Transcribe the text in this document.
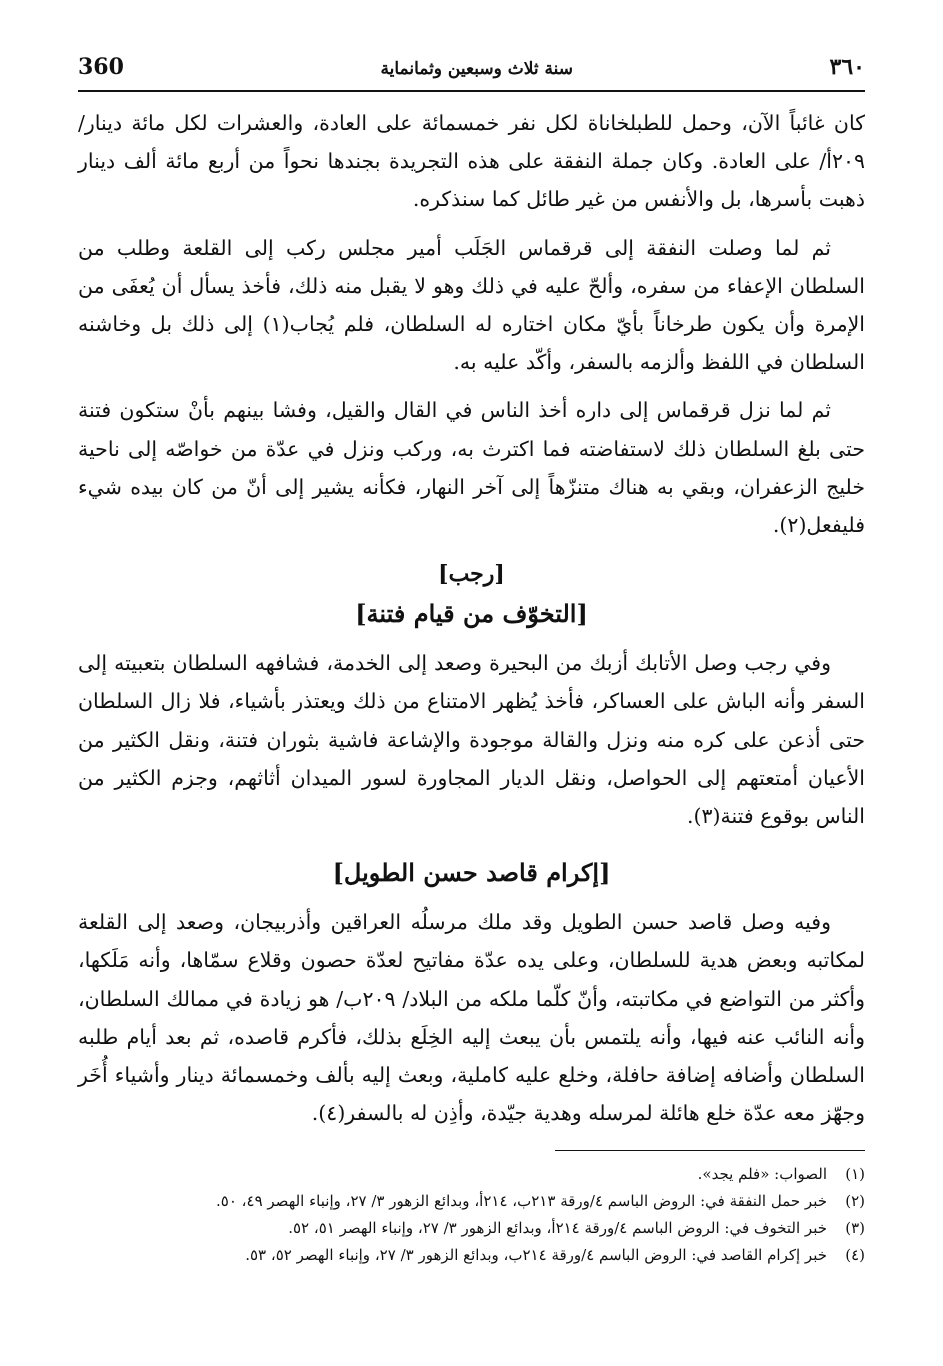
360	سنة ثلاث وسبعين وثمانماية	٣٦٠

كان غائباً الآن، وحمل للطبلخاناة لكل نفر خمسمائة على العادة، والعشرات لكل مائة دينار/ ٢٠٩أ/ على العادة. وكان جملة النفقة على هذه التجريدة بجندها نحواً من أربع مائة ألف دينار ذهبت بأسرها، بل والأنفس من غير طائل كما سنذكره.

ثم لما وصلت النفقة إلى قرقماس الجَلَب أمير مجلس ركب إلى القلعة وطلب من السلطان الإعفاء من سفره، وألحّ عليه في ذلك وهو لا يقبل منه ذلك، فأخذ يسأل أن يُعفَى من الإمرة وأن يكون طرخاناً بأيّ مكان اختاره له السلطان، فلم يُجاب(١) إلى ذلك بل وخاشنه السلطان في اللفظ وألزمه بالسفر، وأكّد عليه به.

ثم لما نزل قرقماس إلى داره أخذ الناس في القال والقيل، وفشا بينهم بأنْ ستكون فتنة حتى بلغ السلطان ذلك لاستفاضته فما اكترث به، وركب ونزل في عدّة من خواصّه إلى ناحية خليج الزعفران، وبقي به هناك متنزّهاً إلى آخر النهار، فكأنه يشير إلى أنّ من كان بيده شيء فليفعل(٢).

[رجب]
[التخوّف من قيام فتنة]

وفي رجب وصل الأتابك أزبك من البحيرة وصعد إلى الخدمة، فشافهه السلطان بتعبيته إلى السفر وأنه الباش على العساكر، فأخذ يُظهر الامتناع من ذلك ويعتذر بأشياء، فلا زال السلطان حتى أذعن على كره منه ونزل والقالة موجودة والإشاعة فاشية بثوران فتنة، ونقل الكثير من الأعيان أمتعتهم إلى الحواصل، ونقل الديار المجاورة لسور الميدان أثاثهم، وجزم الكثير من الناس بوقوع فتنة(٣).

[إكرام قاصد حسن الطويل]

وفيه وصل قاصد حسن الطويل وقد ملك مرسلُه العراقين وأذربيجان، وصعد إلى القلعة لمكاتبه وبعض هدية للسلطان، وعلى يده عدّة مفاتيح لعدّة حصون وقلاع سمّاها، وأنه مَلَكها، وأكثر من التواضع في مكاتبته، وأنّ كلّما ملكه من البلاد/ ٢٠٩ب/ هو زيادة في ممالك السلطان، وأنه النائب عنه فيها، وأنه يلتمس بأن يبعث إليه الخِلَع بذلك، فأكرم قاصده، ثم بعد أيام طلبه السلطان وأضافه إضافة حافلة، وخلع عليه كاملية، وبعث إليه بألف وخمسمائة دينار وأشياء أُخَر وجهّز معه عدّة خلع هائلة لمرسله وهدية جيّدة، وأذِن له بالسفر(٤).

(١)
الصواب: «فلم يجد».
(٢)
خبر حمل النفقة في: الروض الباسم ٤/ورقة ٢١٣ب، ٢١٤أ، وبدائع الزهور ٣/ ٢٧، وإنباء الهصر ٤٩، ٥٠.
(٣)
خبر التخوف في: الروض الباسم ٤/ورقة ٢١٤أ، وبدائع الزهور ٣/ ٢٧، وإنباء الهصر ٥١، ٥٢.
(٤)
خبر إكرام القاصد في: الروض الباسم ٤/ورقة ٢١٤ب، وبدائع الزهور ٣/ ٢٧، وإنباء الهصر ٥٢، ٥٣.
